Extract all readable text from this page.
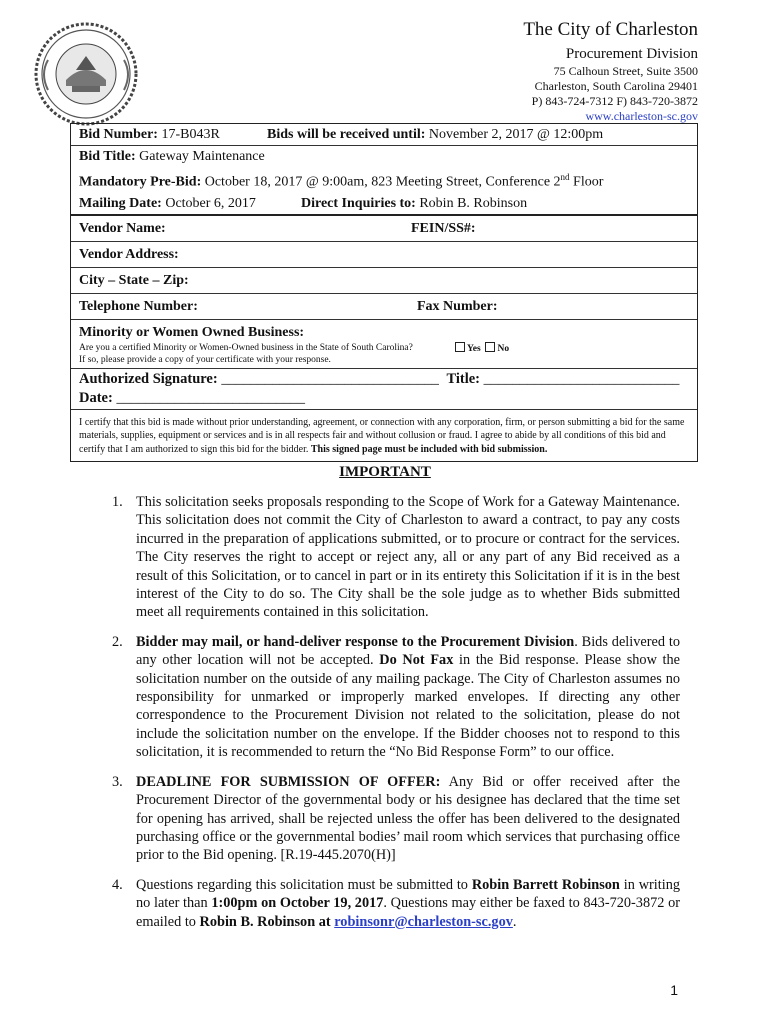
The City of Charleston
Procurement Division
75 Calhoun Street, Suite 3500
Charleston, South Carolina 29401
P) 843-724-7312 F) 843-720-3872
www.charleston-sc.gov
Bid Number: 17-B043R	Bids will be received until: November 2, 2017 @ 12:00pm
Bid Title: Gateway Maintenance
Mandatory Pre-Bid: October 18, 2017 @ 9:00am, 823 Meeting Street, Conference 2nd Floor
Mailing Date: October 6, 2017	Direct Inquiries to: Robin B. Robinson
Vendor Name:	FEIN/SS#:
Vendor Address:
City – State – Zip:
Telephone Number:	Fax Number:
Minority or Women Owned Business:
Are you a certified Minority or Women-Owned business in the State of South Carolina?
If so, please provide a copy of your certificate with your response.
Yes No
Authorized Signature: ______________________________ Title: ___________________________
Date: __________________________
I certify that this bid is made without prior understanding, agreement, or connection with any corporation, firm, or person submitting a bid for the same materials, supplies, equipment or services and is in all respects fair and without collusion or fraud. I agree to abide by all conditions of this bid and certify that I am authorized to sign this bid for the bidder. This signed page must be included with bid submission.
IMPORTANT
1. This solicitation seeks proposals responding to the Scope of Work for a Gateway Maintenance. This solicitation does not commit the City of Charleston to award a contract, to pay any costs incurred in the preparation of applications submitted, or to procure or contract for the services. The City reserves the right to accept or reject any, all or any part of any Bid received as a result of this Solicitation, or to cancel in part or in its entirety this Solicitation if it is in the best interest of the City to do so. The City shall be the sole judge as to whether Bids submitted meet all requirements contained in this solicitation.
2. Bidder may mail, or hand-deliver response to the Procurement Division. Bids delivered to any other location will not be accepted. Do Not Fax in the Bid response. Please show the solicitation number on the outside of any mailing package. The City of Charleston assumes no responsibility for unmarked or improperly marked envelopes. If directing any other correspondence to the Procurement Division not related to the solicitation, please do not include the solicitation number on the envelope. If the Bidder chooses not to respond to this solicitation, it is recommended to return the “No Bid Response Form” to our office.
3. DEADLINE FOR SUBMISSION OF OFFER: Any Bid or offer received after the Procurement Director of the governmental body or his designee has declared that the time set for opening has arrived, shall be rejected unless the offer has been delivered to the designated purchasing office or the governmental bodies’ mail room which services that purchasing office prior to the Bid opening. [R.19-445.2070(H)]
4. Questions regarding this solicitation must be submitted to Robin Barrett Robinson in writing no later than 1:00pm on October 19, 2017. Questions may either be faxed to 843-720-3872 or emailed to Robin B. Robinson at robinsonr@charleston-sc.gov.
1
